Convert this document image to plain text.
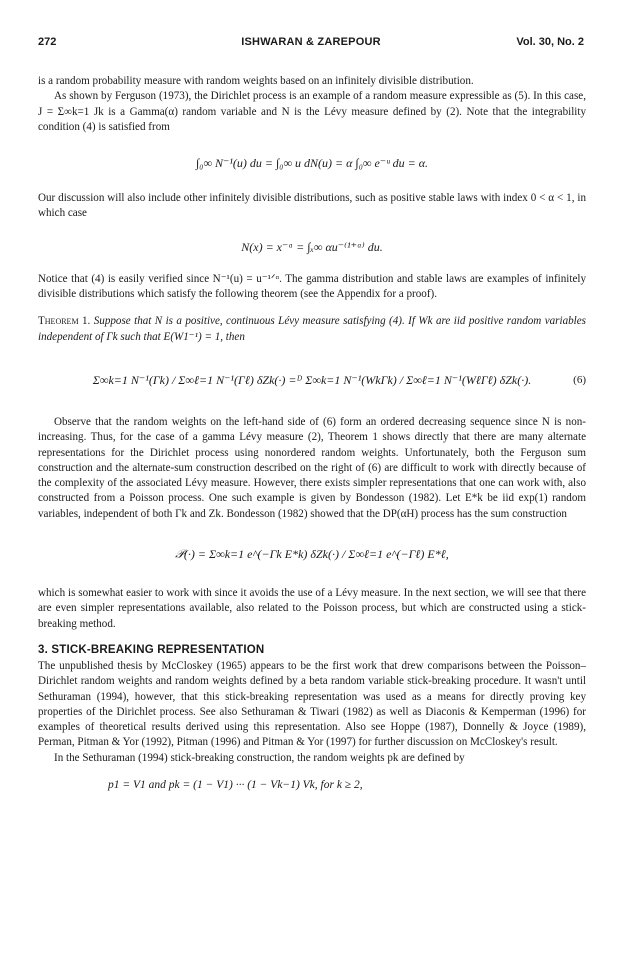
272	ISHWARAN & ZAREPOUR	Vol. 30, No. 2

is a random probability measure with random weights based on an infinitely divisible distribution.

As shown by Ferguson (1973), the Dirichlet process is an example of a random measure expressible as (5). In this case, J = Σ∞k=1 Jk is a Gamma(α) random variable and N is the Lévy measure defined by (2). Note that the integrability condition (4) is satisfied from

∫₀∞ N⁻¹(u) du = ∫₀∞ u dN(u) = α ∫₀∞ e⁻ᵘ du = α.

Our discussion will also include other infinitely divisible distributions, such as positive stable laws with index 0 < α < 1, in which case

N(x) = x⁻ᵅ = ∫ₓ∞ αu⁻⁽¹⁺ᵅ⁾ du.

Notice that (4) is easily verified since N⁻¹(u) = u⁻¹ᐟᵅ. The gamma distribution and stable laws are examples of infinitely divisible distributions which satisfy the following theorem (see the Appendix for a proof).

Theorem 1. Suppose that N is a positive, continuous Lévy measure satisfying (4). If Wk are iid positive random variables independent of Γk such that E(W1⁻¹) = 1, then

Σ∞k=1 N⁻¹(Γk) / Σ∞ℓ=1 N⁻¹(Γℓ) δZk(·) =ᴰ Σ∞k=1 N⁻¹(WkΓk) / Σ∞ℓ=1 N⁻¹(WℓΓℓ) δZk(·).	(6)

Observe that the random weights on the left-hand side of (6) form an ordered decreasing sequence since N is non-increasing. Thus, for the case of a gamma Lévy measure (2), Theorem 1 shows directly that there are many alternate representations for the Dirichlet process using nonordered random weights. Unfortunately, both the Ferguson sum construction and the alternate-sum construction described on the right of (6) are difficult to work with directly because of the complexity of the associated Lévy measure. However, there exists simpler representations that one can work with, also constructed from a Poisson process. One such example is given by Bondesson (1982). Let E*k be iid exp(1) random variables, independent of both Γk and Zk. Bondesson (1982) showed that the DP(αH) process has the sum construction

𝒫(·) = Σ∞k=1 e^(−Γk E*k) δZk(·) / Σ∞ℓ=1 e^(−Γℓ) E*ℓ,

which is somewhat easier to work with since it avoids the use of a Lévy measure. In the next section, we will see that there are even simpler representations available, also related to the Poisson process, but which are constructed using a stick-breaking method.

3. STICK-BREAKING REPRESENTATION

The unpublished thesis by McCloskey (1965) appears to be the first work that drew comparisons between the Poisson–Dirichlet random weights and random weights defined by a beta random variable stick-breaking procedure. It wasn't until Sethuraman (1994), however, that this stick-breaking representation was used as a means for directly proving key properties of the Dirichlet process. See also Sethuraman & Tiwari (1982) as well as Diaconis & Kemperman (1996) for examples of theoretical results derived using this representation. Also see Hoppe (1987), Donnelly & Joyce (1989), Perman, Pitman & Yor (1992), Pitman (1996) and Pitman & Yor (1997) for further discussion on McCloskey's result.

In the Sethuraman (1994) stick-breaking construction, the random weights pk are defined by

p1 = V1 and pk = (1 − V1) ··· (1 − Vk−1) Vk, for k ≥ 2,
